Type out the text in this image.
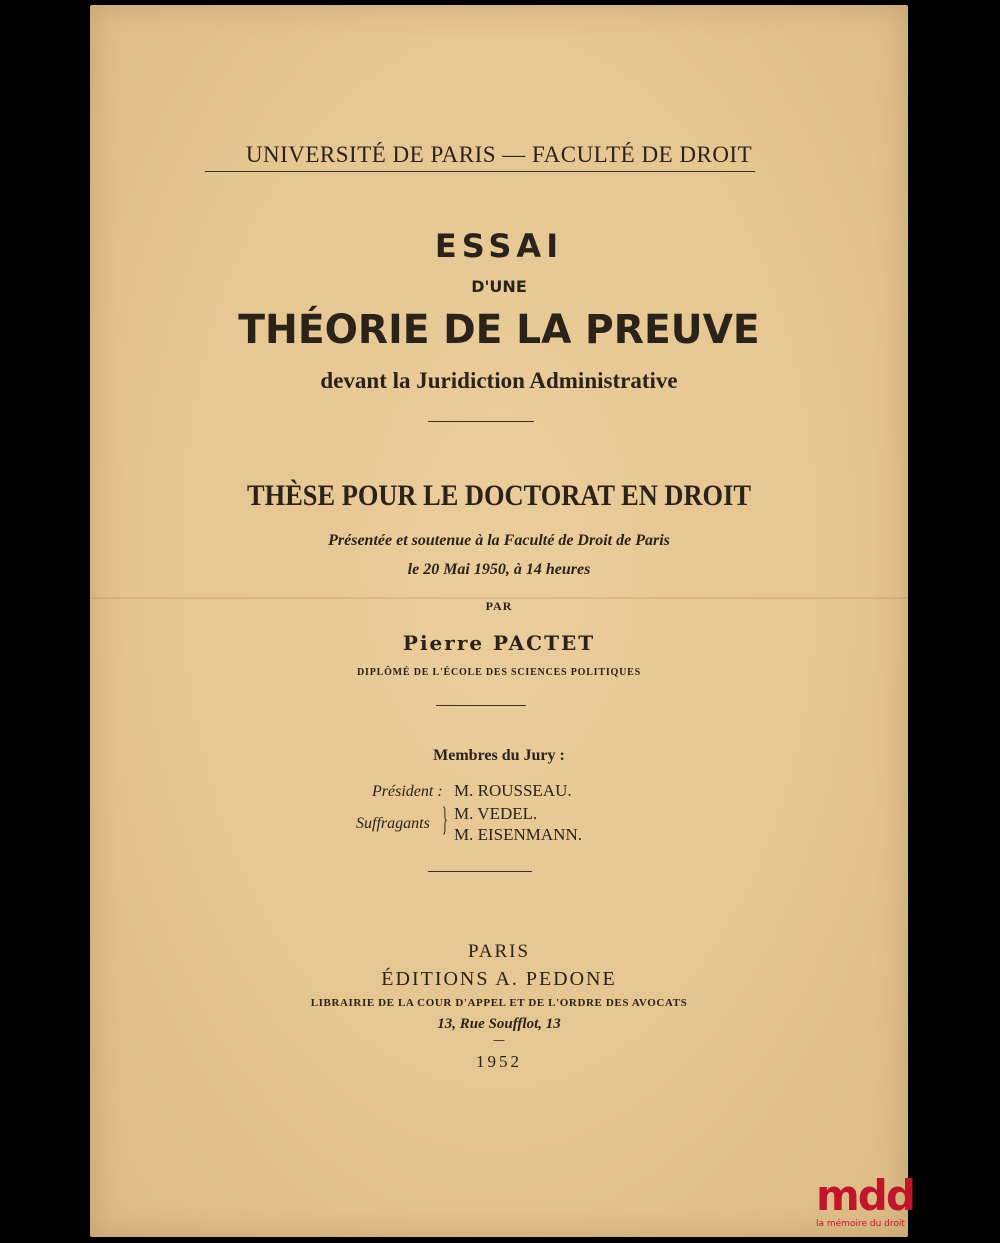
UNIVERSITÉ DE PARIS — FACULTÉ DE DROIT
ESSAI
D'UNE
THÉORIE DE LA PREUVE
devant la Juridiction Administrative
THÈSE POUR LE DOCTORAT EN DROIT
Présentée et soutenue à la Faculté de Droit de Paris
le 20 Mai 1950, à 14 heures
PAR
Pierre PACTET
DIPLÔMÉ DE L'ÉCOLE DES SCIENCES POLITIQUES
Membres du Jury :
Président : M. ROUSSEAU.
Suffragants } M. VEDEL.
M. EISENMANN.
PARIS
ÉDITIONS A. PEDONE
LIBRAIRIE DE LA COUR D'APPEL ET DE L'ORDRE DES AVOCATS
13, Rue Soufflot, 13
—
1952
mdd
la mémoire du droit
